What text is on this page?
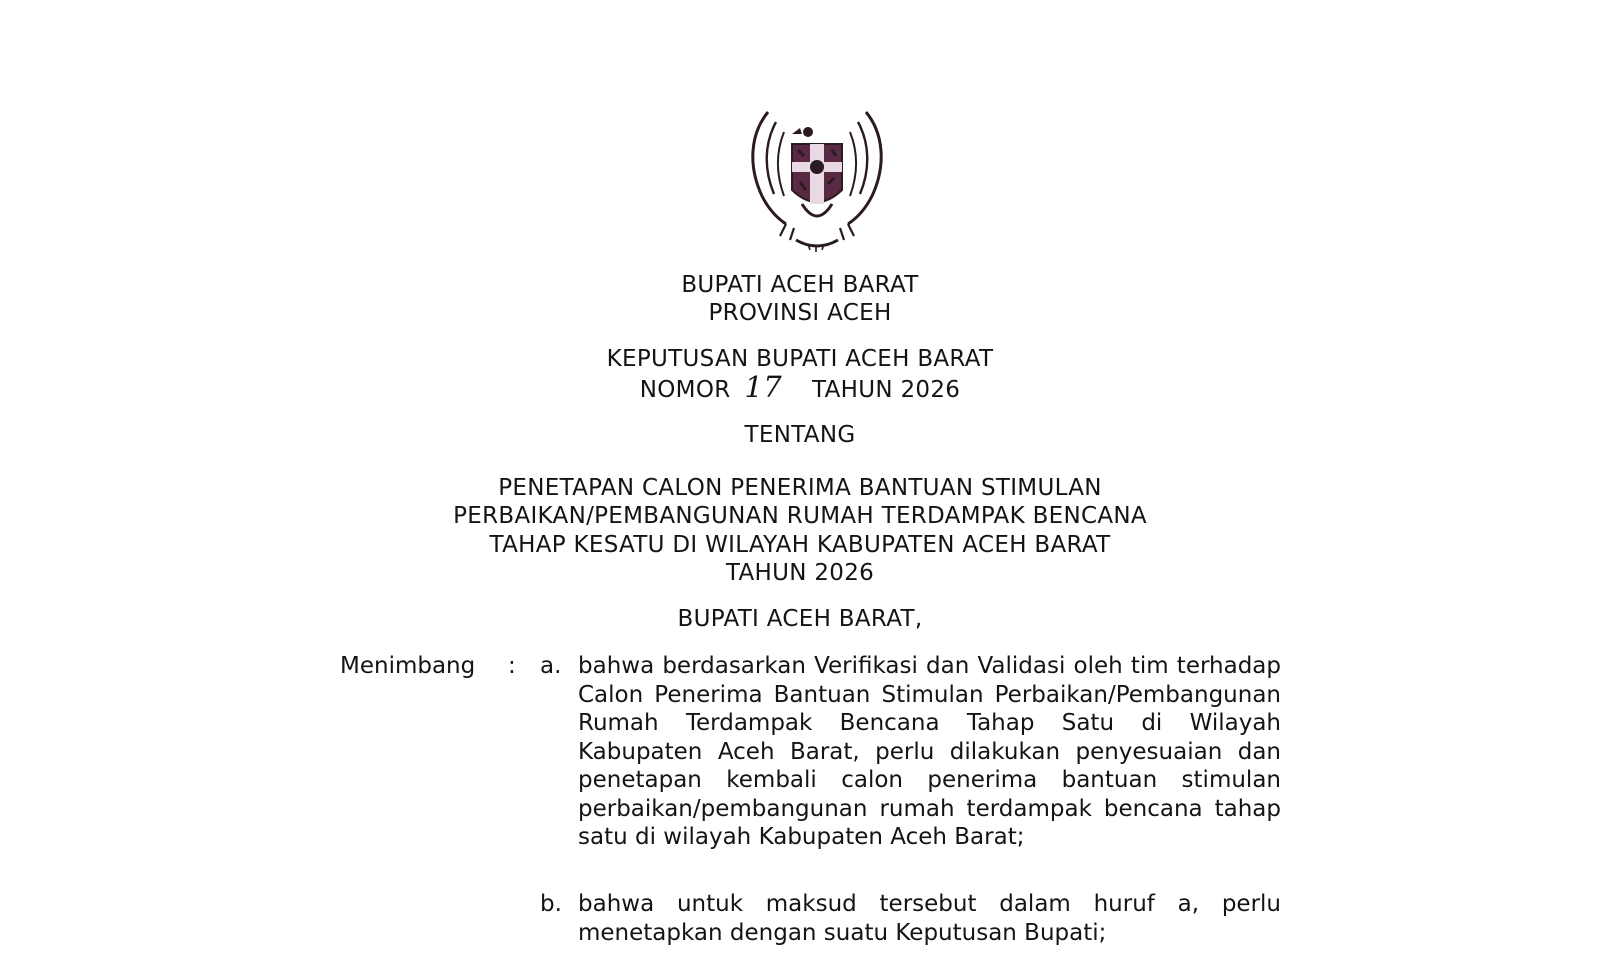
BUPATI ACEH BARAT
PROVINSI ACEH
KEPUTUSAN BUPATI ACEH BARAT
NOMOR 17 TAHUN 2026
TENTANG
PENETAPAN CALON PENERIMA BANTUAN STIMULAN
PERBAIKAN/PEMBANGUNAN RUMAH TERDAMPAK BENCANA
TAHAP KESATU DI WILAYAH KABUPATEN ACEH BARAT
TAHUN 2026
BUPATI ACEH BARAT,
Menimbang : a. bahwa berdasarkan Verifikasi dan Validasi oleh tim terhadap Calon Penerima Bantuan Stimulan Perbaikan/Pembangunan Rumah Terdampak Bencana Tahap Satu di Wilayah Kabupaten Aceh Barat, perlu dilakukan penyesuaian dan penetapan kembali calon penerima bantuan stimulan perbaikan/pembangunan rumah terdampak bencana tahap satu di wilayah Kabupaten Aceh Barat;
b. bahwa untuk maksud tersebut dalam huruf a, perlu menetapkan dengan suatu Keputusan Bupati;
